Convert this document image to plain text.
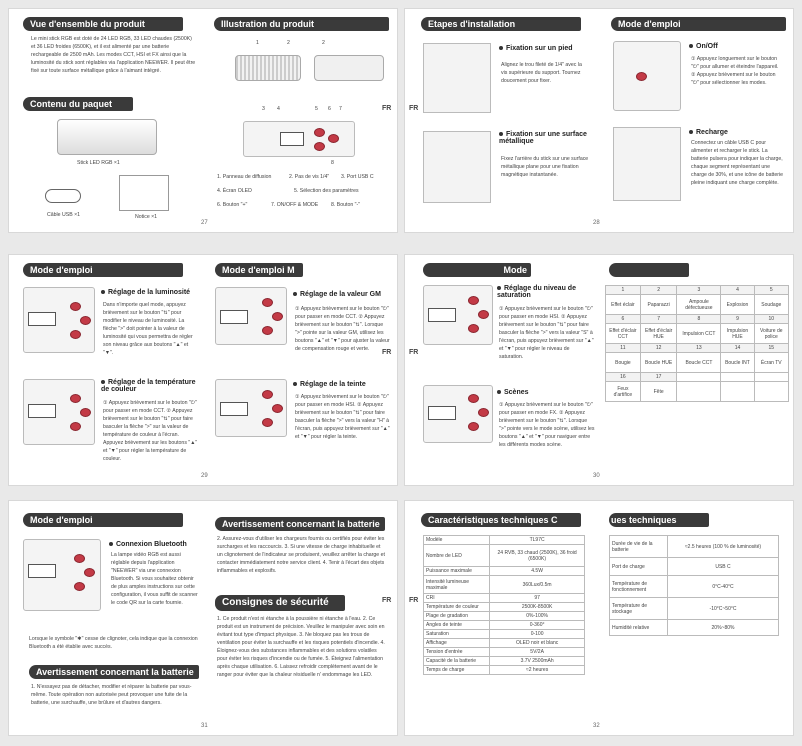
Vue d'ensemble du produit
Le mini stick RGB est doté de 24 LED RGB, 33 LED chaudes (2500K) et 36 LED froides (6500K), et il est alimenté par une batterie rechargeable de 2500 mAh. Les modes CCT, HSI et FX ainsi que la luminosité du stick sont réglables via l'application NEEWER. Il peut être fixé sur toute surface métallique grâce à l'aimant intégré.
Contenu du paquet
Stick LED RGB ×1
Câble USB ×1	Notice ×1
Illustration du produit
1	2	2
3 4	5 6 7
8
1. Panneau de diffusion	2. Pas de vis 1/4" 3. Port USB C
4. Écran OLED	5. Sélection des paramètres
6. Bouton "+"	7. ON/OFF & MODE 8. Bouton "-"
27
FR	FR
Etapes d'installation	Mode d'emploi
Fixation sur un pied
Alignez le trou fileté de 1/4" avec la vis supérieure du support. Tournez doucement pour fixer.
Fixation sur une surface métallique
Fixez l'arrière du stick sur une surface métallique plane pour une fixation magnétique instantanée.
On/Off
① Appuyez longuement sur le bouton "⏻" pour allumer et éteindre l'appareil. ② Appuyez brièvement sur le bouton "⏻" pour sélectionner les modes.
Recharge
Connectez un câble USB C pour alimenter et recharger le stick. La batterie pulsera pour indiquer la charge, chaque segment représentant une charge de 30%, et une icône de batterie pleine indiquant une charge complète.
28
Mode d'emploi	Mode d'emploi M
Réglage de la luminosité
Dans n'importe quel mode, appuyez brièvement sur le bouton "⇅" pour modifier le niveau de luminosité. La flèche ">" doit pointer à la valeur de luminosité qui vous permettra de régler son niveau grâce aux boutons "▲" et "▼".
Réglage de la température de couleur
① Appuyez brièvement sur le bouton "⏻" pour passer en mode CCT. ② Appuyez brièvement sur le bouton "⇅" pour faire basculer la flèche ">" sur la valeur de température de couleur à l'écran. Appuyez brièvement sur les boutons "▲" et "▼" pour régler la température de couleur.
Réglage de la valeur GM
① Appuyez brièvement sur le bouton "⏻" pour passer en mode CCT. ② Appuyez brièvement sur le bouton "⇅". Lorsque ">" pointe sur la valeur GM, utilisez les boutons "▲" et "▼" pour ajuster la valeur de compensation rouge et verte.
Réglage de la teinte
① Appuyez brièvement sur le bouton "⏻" pour passer en mode HSI. ② Appuyez brièvement sur le bouton "⇅" pour faire basculer la flèche ">" vers la valeur "H" à l'écran, puis appuyez brièvement sur "▲" et "▼" pour régler la teinte.
29
FR	FR
Mode
Réglage du niveau de saturation
① Appuyez brièvement sur le bouton "⏻" pour passer en mode HSI. ② Appuyez brièvement sur le bouton "⇅" pour faire basculer la flèche ">" vers la valeur "S" à l'écran, puis appuyez brièvement sur "▲" et "▼" pour régler le niveau de saturation.
Scènes
① Appuyez brièvement sur le bouton "⏻" pour passer en mode FX. ② Appuyez brièvement sur le bouton "⇅". Lorsque ">" pointe vers le mode scène, utilisez les boutons "▲" et "▼" pour naviguer entre les différents modes scène.
1	2	3	4	5
Effet éclair	Paparazzi	Ampoule défectueuse	Explosion	Soudage
6	7	8	9	10
Effet d'éclair CCT	Effet d'éclair HUE	Impulsion CCT	Impulsion HUE	Voiture de police
11	12	13	14	15
Bougie	Boucle HUE	Boucle CCT	Boucle INT	Écran TV
16	17			
Feux d'artifice	Fête			
30
Mode d'emploi
Connexion Bluetooth
La lampe vidéo RGB est aussi réglable depuis l'application "NEEWER" via une connexion Bluetooth. Si vous souhaitez obtenir de plus amples instructions sur cette configuration, il vous suffit de scanner le code QR sur la carte fournie.
Lorsque le symbole "✱" cesse de clignoter, cela indique que la connexion Bluetooth a été établie avec succès.
Avertissement concernant la batterie
1. N'essayez pas de détacher, modifier et réparer la batterie par vous-même. Toute opération non autorisée peut provoquer une fuite de la batterie, une surchauffe, une brûlure et d'autres dangers.
Avertissement concernant la batterie
2. Assurez-vous d'utiliser les chargeurs fournis ou certifiés pour éviter les surcharges et les raccourcis. 3. Si une vitesse de charge inhabituelle et un clignotement de l'indicateur se produisent, veuillez arrêter la charge et contacter immédiatement notre service client. 4. Tenir à l'écart des objets inflammables et explosifs.
Consignes de sécurité
1. Ce produit n'est ni étanche à la poussière ni étanche à l'eau. 2. Ce produit est un instrument de précision. Veuillez le manipuler avec soin en évitant tout type d'impact physique. 3. Ne bloquez pas les trous de ventilation pour éviter la surchauffe et les risques potentiels d'incendie. 4. Éloignez-vous des substances inflammables et des solutions volatiles pour éviter les risques d'incendie ou de fumée. 5. Éteignez l'alimentation après chaque utilisation. 6. Laissez refroidir complètement avant de le ranger pour éviter que la chaleur résiduelle n' endommage les LED.
31
FR	FR
Caractéristiques techniques C	ues techniques
Modèle	TL97C
Nombre de LED	24 RVB, 33 chaud (2500K), 36 froid (6500K)
Puissance maximale	4.5W
Intensité lumineuse maximale	360Lux/0.5m
CRI	97
Température de couleur	2500K-8500K
Plage de gradation	0%-100%
Angles de teinte	0-360°
Saturation	0-100
Affichage	OLED noir et blanc
Tension d'entrée	5V/2A
Capacité de la batterie	3.7V 2500mAh
Temps de charge	≈2 heures
Durée de vie de la batterie	≈2.5 heures (100 % de luminosité)
Port de charge	USB C
Température de fonctionnement	0°C-40°C
Température de stockage	-10°C~50°C
Humidité relative	20%~80%
32
